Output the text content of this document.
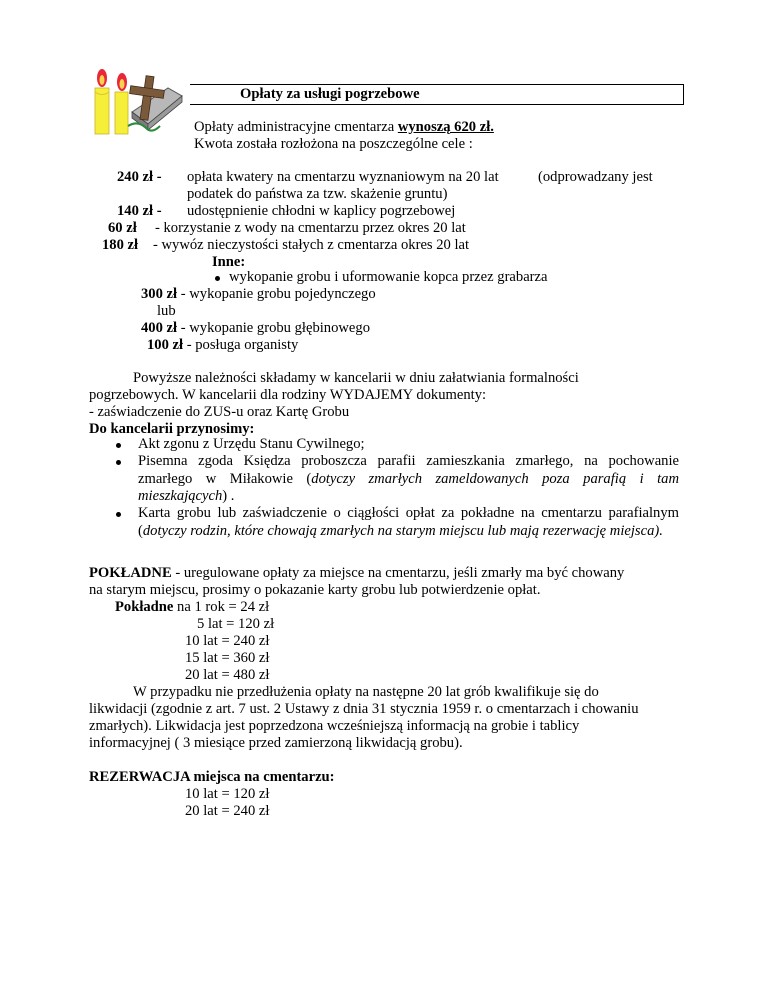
Opłaty za usługi pogrzebowe
Opłaty administracyjne cmentarza wynoszą 620 zł.
Kwota została rozłożona na poszczególne cele :
240 zł - opłata kwatery na cmentarzu wyznaniowym na 20 lat	(odprowadzany jest
podatek do państwa za tzw. skażenie gruntu)
140 zł - udostępnienie chłodni w kaplicy pogrzebowej
60 zł - korzystanie z wody na cmentarzu przez okres 20 lat
180 zł - wywóz nieczystości stałych z cmentarza okres 20 lat
Inne:
wykopanie grobu i uformowanie kopca przez grabarza
300 zł - wykopanie grobu pojedynczego
lub
400 zł - wykopanie grobu głębinowego
100 zł - posługa organisty
Powyższe należności składamy w kancelarii w dniu załatwiania formalności
pogrzebowych. W kancelarii dla rodziny WYDAJEMY dokumenty:
- zaświadczenie do ZUS-u oraz Kartę Grobu
Do kancelarii przynosimy:
Akt zgonu z Urzędu Stanu Cywilnego;
Pisemna zgoda Księdza proboszcza parafii zamieszkania zmarłego, na pochowanie zmarłego w Miłakowie (dotyczy zmarłych zameldowanych poza parafią i tam mieszkających) .
Karta grobu lub zaświadczenie o ciągłości opłat za pokładne na cmentarzu parafialnym (dotyczy rodzin, które chowają zmarłych na starym miejscu lub mają rezerwację miejsca).
POKŁADNE - uregulowane opłaty za miejsce na cmentarzu, jeśli zmarły ma być chowany
na starym miejscu, prosimy o pokazanie karty grobu lub potwierdzenie opłat.
Pokładne na 1 rok = 24 zł
5 lat = 120 zł
10 lat = 240 zł
15 lat = 360 zł
20 lat = 480 zł
W przypadku nie przedłużenia opłaty na następne 20 lat grób kwalifikuje się do
likwidacji (zgodnie z art. 7 ust. 2 Ustawy z dnia 31 stycznia 1959 r. o cmentarzach i chowaniu
zmarłych). Likwidacja jest poprzedzona wcześniejszą informacją na grobie i tablicy
informacyjnej ( 3 miesiące przed zamierzoną likwidacją grobu).
REZERWACJA miejsca na cmentarzu:
10 lat = 120 zł
20 lat = 240 zł
